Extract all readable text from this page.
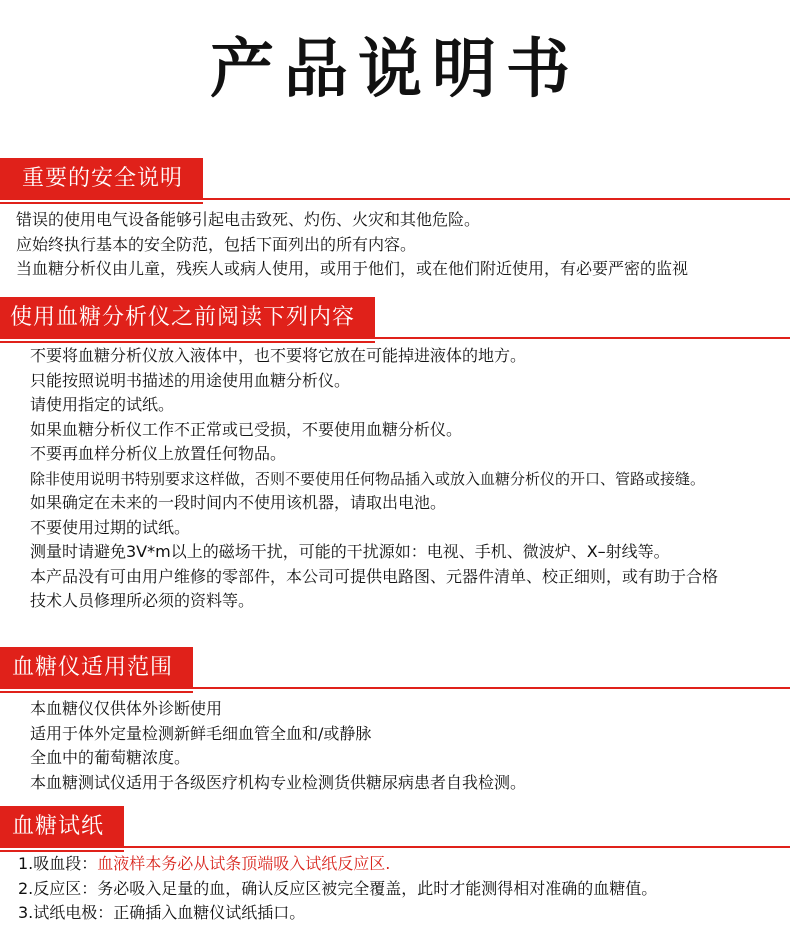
产品说明书
重要的安全说明
错误的使用电气设备能够引起电击致死、灼伤、火灾和其他危险。
应始终执行基本的安全防范，包括下面列出的所有内容。
当血糖分析仪由儿童，残疾人或病人使用，或用于他们，或在他们附近使用，有必要严密的监视
使用血糖分析仪之前阅读下列内容
不要将血糖分析仪放入液体中，也不要将它放在可能掉进液体的地方。
只能按照说明书描述的用途使用血糖分析仪。
请使用指定的试纸。
如果血糖分析仪工作不正常或已受损，不要使用血糖分析仪。
不要再血样分析仪上放置任何物品。
除非使用说明书特别要求这样做，否则不要使用任何物品插入或放入血糖分析仪的开口、管路或接缝。
如果确定在未来的一段时间内不使用该机器，请取出电池。
不要使用过期的试纸。
测量时请避免3V*m以上的磁场干扰，可能的干扰源如：电视、手机、微波炉、X–射线等。
本产品没有可由用户维修的零部件，本公司可提供电路图、元器件清单、校正细则，或有助于合格
技术人员修理所必须的资料等。
血糖仪适用范围
本血糖仪仅供体外诊断使用
适用于体外定量检测新鲜毛细血管全血和/或静脉
全血中的葡萄糖浓度。
本血糖测试仪适用于各级医疗机构专业检测货供糖尿病患者自我检测。
血糖试纸
1.吸血段：血液样本务必从试条顶端吸入试纸反应区.
2.反应区：务必吸入足量的血，确认反应区被完全覆盖，此时才能测得相对准确的血糖值。
3.试纸电极：正确插入血糖仪试纸插口。
